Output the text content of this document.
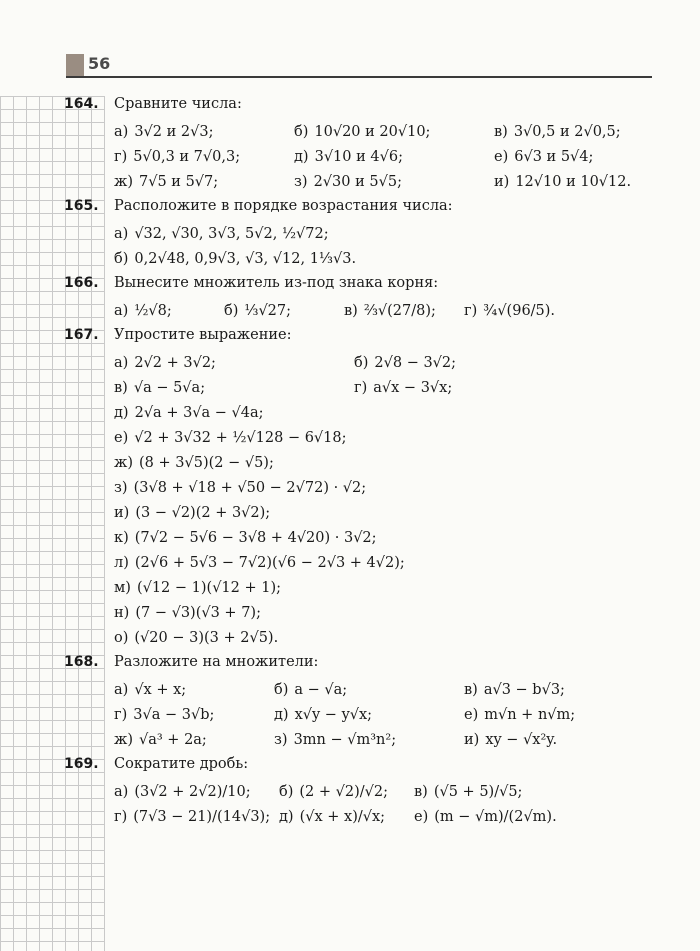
56
164.	Сравните числа:
а) 3√2 и 2√3;	б) 10√20 и 20√10;	в) 3√0,5 и 2√0,5;
г) 5√0,3 и 7√0,3;	д) 3√10 и 4√6;	е) 6√3 и 5√4;
ж) 7√5 и 5√7;	з) 2√30 и 5√5;	и) 12√10 и 10√12.
165.	Расположите в порядке возрастания числа:
а) √32, √30, 3√3, 5√2, ½√72;
б) 0,2√48, 0,9√3, √3, √12, 1⅓√3.
166.	Вынесите множитель из-под знака корня:
а) ½√8;	б) ⅓√27;	в) ⅔√(27/8); г) ¾√(96/5).
167.	Упростите выражение:
а) 2√2 + 3√2;	б) 2√8 − 3√2;
в) √a − 5√a;	г) a√x − 3√x;
д) 2√a + 3√a − √4a;
е) √2 + 3√32 + ½√128 − 6√18;
ж) (8 + 3√5)(2 − √5);
з) (3√8 + √18 + √50 − 2√72) · √2;
и) (3 − √2)(2 + 3√2);
к) (7√2 − 5√6 − 3√8 + 4√20) · 3√2;
л) (2√6 + 5√3 − 7√2)(√6 − 2√3 + 4√2);
м) (√12 − 1)(√12 + 1);
н) (7 − √3)(√3 + 7);
о) (√20 − 3)(3 + 2√5).
168.	Разложите на множители:
а) √x + x;	б) a − √a;	в) a√3 − b√3;
г) 3√a − 3√b;	д) x√y − y√x;	е) m√n + n√m;
ж) √a³ + 2a;	з) 3mn − √m³n²;	и) xy − √x²y.
169.	Сократите дробь:
а) (3√2 + 2√2)/10; б) (2 + √2)/√2; в) (√5 + 5)/√5;
г) (7√3 − 21)/(14√3); д) (√x + x)/√x; е) (m − √m)/(2√m).
